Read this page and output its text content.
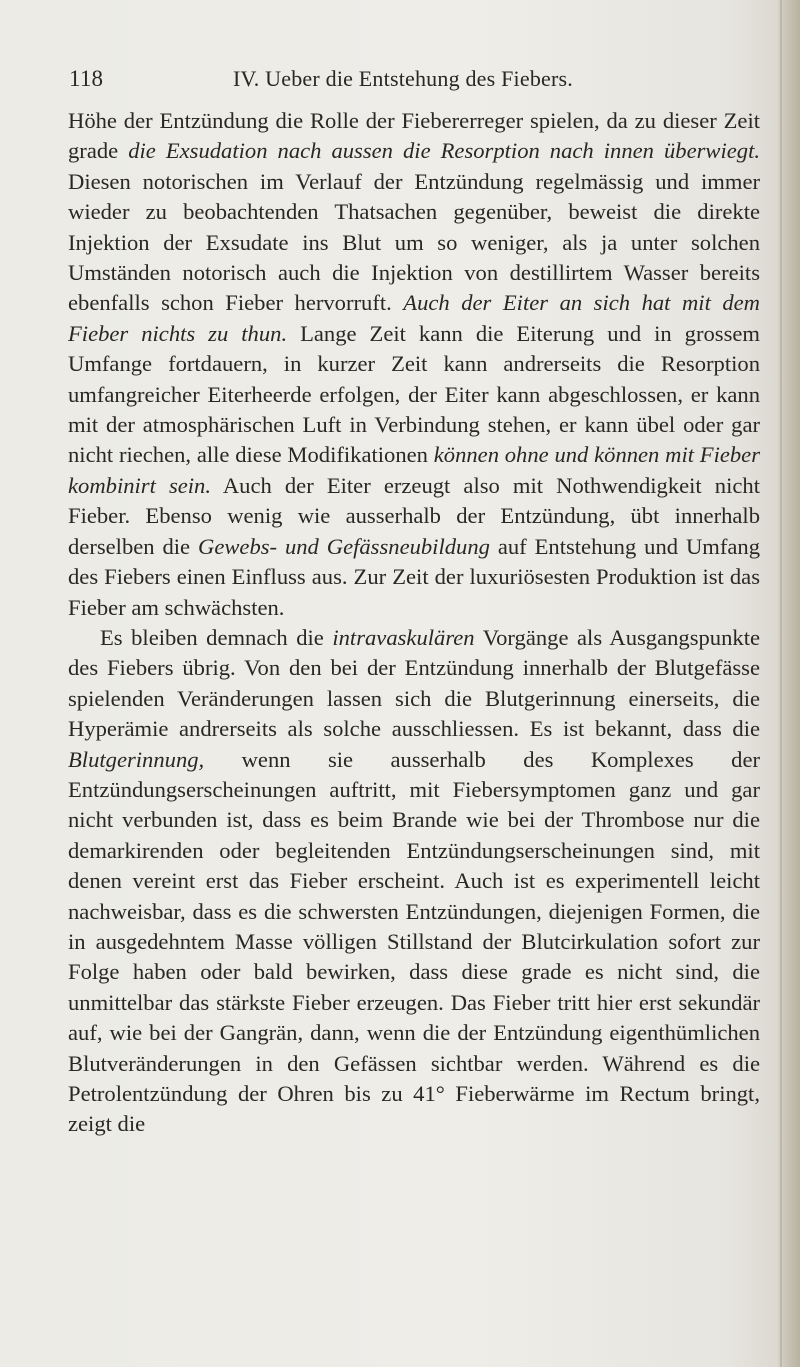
118	IV. Ueber die Entstehung des Fiebers.

Höhe der Entzündung die Rolle der Fiebererreger spielen, da zu dieser Zeit grade die Exsudation nach aussen die Resorption nach innen überwiegt. Diesen notorischen im Verlauf der Entzündung regelmässig und immer wieder zu beobachtenden Thatsachen gegenüber, beweist die direkte Injektion der Exsudate ins Blut um so weniger, als ja unter solchen Umständen notorisch auch die Injektion von destillirtem Wasser bereits ebenfalls schon Fieber hervorruft. Auch der Eiter an sich hat mit dem Fieber nichts zu thun. Lange Zeit kann die Eiterung und in grossem Umfange fortdauern, in kurzer Zeit kann andrerseits die Resorption umfangreicher Eiterheerde erfolgen, der Eiter kann abgeschlossen, er kann mit der atmosphärischen Luft in Verbindung stehen, er kann übel oder gar nicht riechen, alle diese Modifikationen können ohne und können mit Fieber kombinirt sein. Auch der Eiter erzeugt also mit Nothwendigkeit nicht Fieber. Ebenso wenig wie ausserhalb der Entzündung, übt innerhalb derselben die Gewebs- und Gefässneubildung auf Entstehung und Umfang des Fiebers einen Einfluss aus. Zur Zeit der luxuriösesten Produktion ist das Fieber am schwächsten.

Es bleiben demnach die intravaskulären Vorgänge als Ausgangspunkte des Fiebers übrig. Von den bei der Entzündung innerhalb der Blutgefässe spielenden Veränderungen lassen sich die Blutgerinnung einerseits, die Hyperämie andrerseits als solche ausschliessen. Es ist bekannt, dass die Blutgerinnung, wenn sie ausserhalb des Komplexes der Entzündungserscheinungen auftritt, mit Fiebersymptomen ganz und gar nicht verbunden ist, dass es beim Brande wie bei der Thrombose nur die demarkirenden oder begleitenden Entzündungserscheinungen sind, mit denen vereint erst das Fieber erscheint. Auch ist es experimentell leicht nachweisbar, dass es die schwersten Entzündungen, diejenigen Formen, die in ausgedehntem Masse völligen Stillstand der Blutcirkulation sofort zur Folge haben oder bald bewirken, dass diese grade es nicht sind, die unmittelbar das stärkste Fieber erzeugen. Das Fieber tritt hier erst sekundär auf, wie bei der Gangrän, dann, wenn die der Entzündung eigenthümlichen Blutveränderungen in den Gefässen sichtbar werden. Während es die Petrolentzündung der Ohren bis zu 41° Fieberwärme im Rectum bringt, zeigt die
